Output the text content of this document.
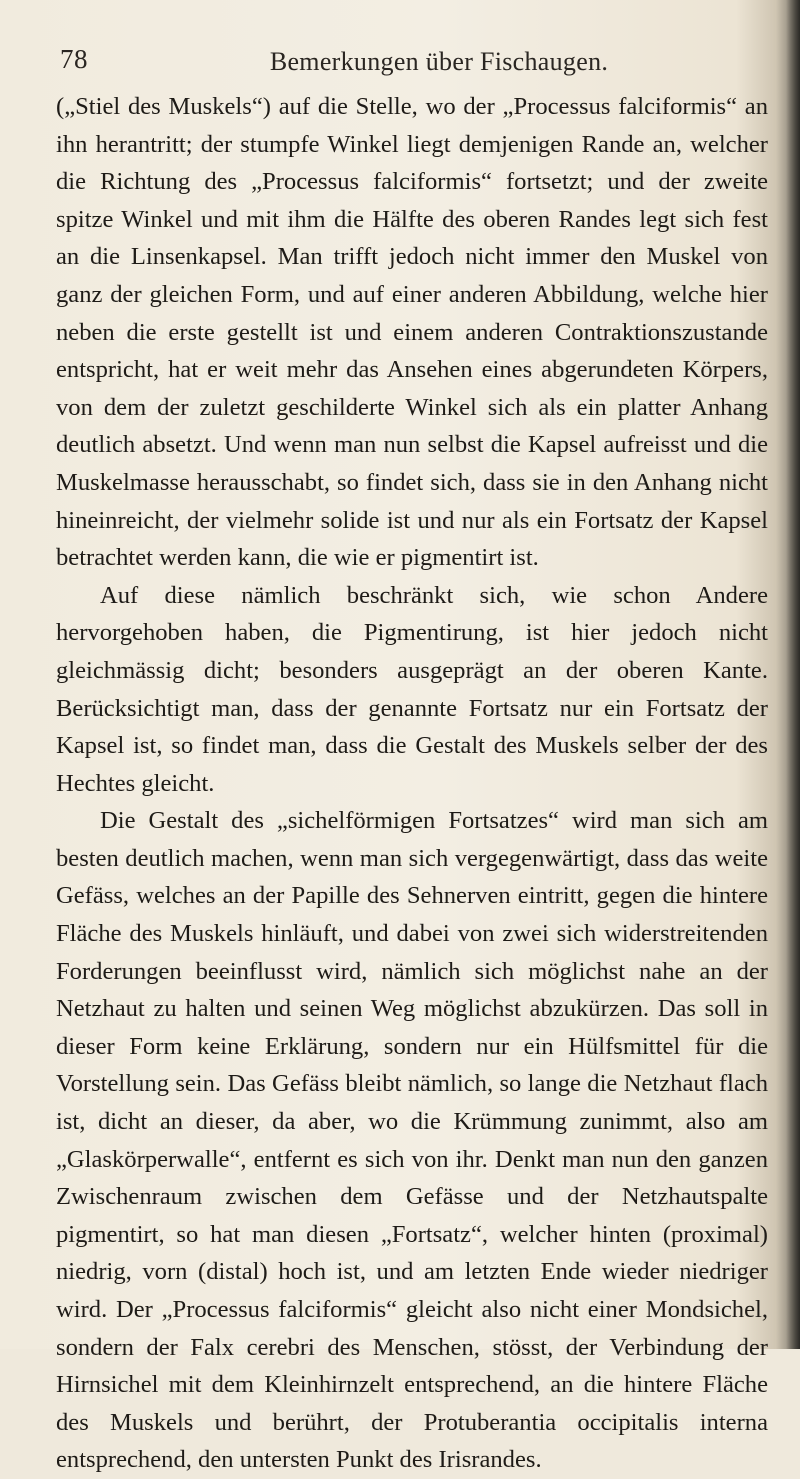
78	Bemerkungen über Fischaugen.

(„Stiel des Muskels“) auf die Stelle, wo der „Processus falciformis“ an ihn herantritt; der stumpfe Winkel liegt demjenigen Rande an, welcher die Richtung des „Processus falciformis“ fortsetzt; und der zweite spitze Winkel und mit ihm die Hälfte des oberen Randes legt sich fest an die Linsenkapsel. Man trifft jedoch nicht immer den Muskel von ganz der gleichen Form, und auf einer anderen Abbildung, welche hier neben die erste gestellt ist und einem anderen Contraktionszustande entspricht, hat er weit mehr das Ansehen eines abgerundeten Körpers, von dem der zuletzt geschilderte Winkel sich als ein platter Anhang deutlich absetzt. Und wenn man nun selbst die Kapsel aufreisst und die Muskelmasse herausschabt, so findet sich, dass sie in den Anhang nicht hineinreicht, der vielmehr solide ist und nur als ein Fortsatz der Kapsel betrachtet werden kann, die wie er pigmentirt ist.

Auf diese nämlich beschränkt sich, wie schon Andere hervorgehoben haben, die Pigmentirung, ist hier jedoch nicht gleichmässig dicht; besonders ausgeprägt an der oberen Kante. Berücksichtigt man, dass der genannte Fortsatz nur ein Fortsatz der Kapsel ist, so findet man, dass die Gestalt des Muskels selber der des Hechtes gleicht.

Die Gestalt des „sichelförmigen Fortsatzes“ wird man sich am besten deutlich machen, wenn man sich vergegenwärtigt, dass das weite Gefäss, welches an der Papille des Sehnerven eintritt, gegen die hintere Fläche des Muskels hinläuft, und dabei von zwei sich widerstreitenden Forderungen beeinflusst wird, nämlich sich möglichst nahe an der Netzhaut zu halten und seinen Weg möglichst abzukürzen. Das soll in dieser Form keine Erklärung, sondern nur ein Hülfsmittel für die Vorstellung sein. Das Gefäss bleibt nämlich, so lange die Netzhaut flach ist, dicht an dieser, da aber, wo die Krümmung zunimmt, also am „Glaskörperwalle“, entfernt es sich von ihr. Denkt man nun den ganzen Zwischenraum zwischen dem Gefässe und der Netzhautspalte pigmentirt, so hat man diesen „Fortsatz“, welcher hinten (proximal) niedrig, vorn (distal) hoch ist, und am letzten Ende wieder niedriger wird. Der „Processus falciformis“ gleicht also nicht einer Mondsichel, sondern der Falx cerebri des Menschen, stösst, der Verbindung der Hirnsichel mit dem Kleinhirnzelt entsprechend, an die hintere Fläche des Muskels und berührt, der Protuberantia occipitalis interna entsprechend, den untersten Punkt des Irisrandes.
